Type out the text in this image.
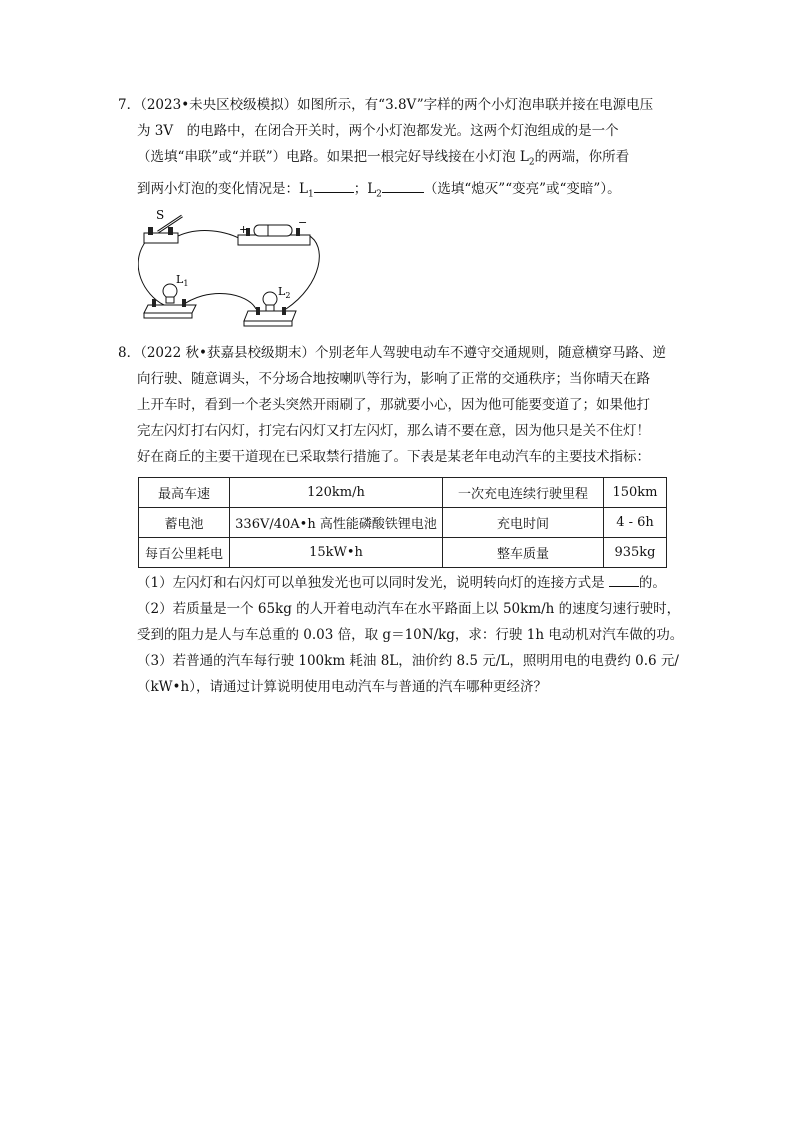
7．（2023•未央区校级模拟）如图所示，有“3.8V”字样的两个小灯泡串联并接在电源电压
为 3V　的电路中，在闭合开关时，两个小灯泡都发光。这两个灯泡组成的是一个
（选填“串联”或“并联”）电路。如果把一根完好导线接在小灯泡 $L_2$的两端，你所看
到两小灯泡的变化情况是：$L_1$	；$L_2$	（选填“熄灭”“变亮”或“变暗”）。
S
+
−
$L_1$
$L_2$
8．（2022 秋•获嘉县校级期末）个别老年人驾驶电动车不遵守交通规则，随意横穿马路、逆
向行驶、随意调头，不分场合地按喇叭等行为，影响了正常的交通秩序；当你晴天在路
上开车时，看到一个老头突然开雨刷了，那就要小心，因为他可能要变道了；如果他打
完左闪灯打右闪灯，打完右闪灯又打左闪灯，那么请不要在意，因为他只是关不住灯！
好在商丘的主要干道现在已采取禁行措施了。下表是某老年电动汽车的主要技术指标：
最高车速	120km/h	一次充电连续行驶里程	150km
蓄电池	336V/40A•h 高性能磷酸铁锂电池	充电时间	4 - 6h
每百公里耗电	15kW•h	整车质量	935kg
（1）左闪灯和右闪灯可以单独发光也可以同时发光，说明转向灯的连接方式是	的。
（2）若质量是一个 65kg 的人开着电动汽车在水平路面上以 50km/h 的速度匀速行驶时，
受到的阻力是人与车总重的 0.03 倍，取 g＝10N/kg，求：行驶 1h 电动机对汽车做的功。
（3）若普通的汽车每行驶 100km 耗油 8L，油价约 8.5 元/L，照明用电的电费约 0.6 元/
（kW•h），请通过计算说明使用电动汽车与普通的汽车哪种更经济？
